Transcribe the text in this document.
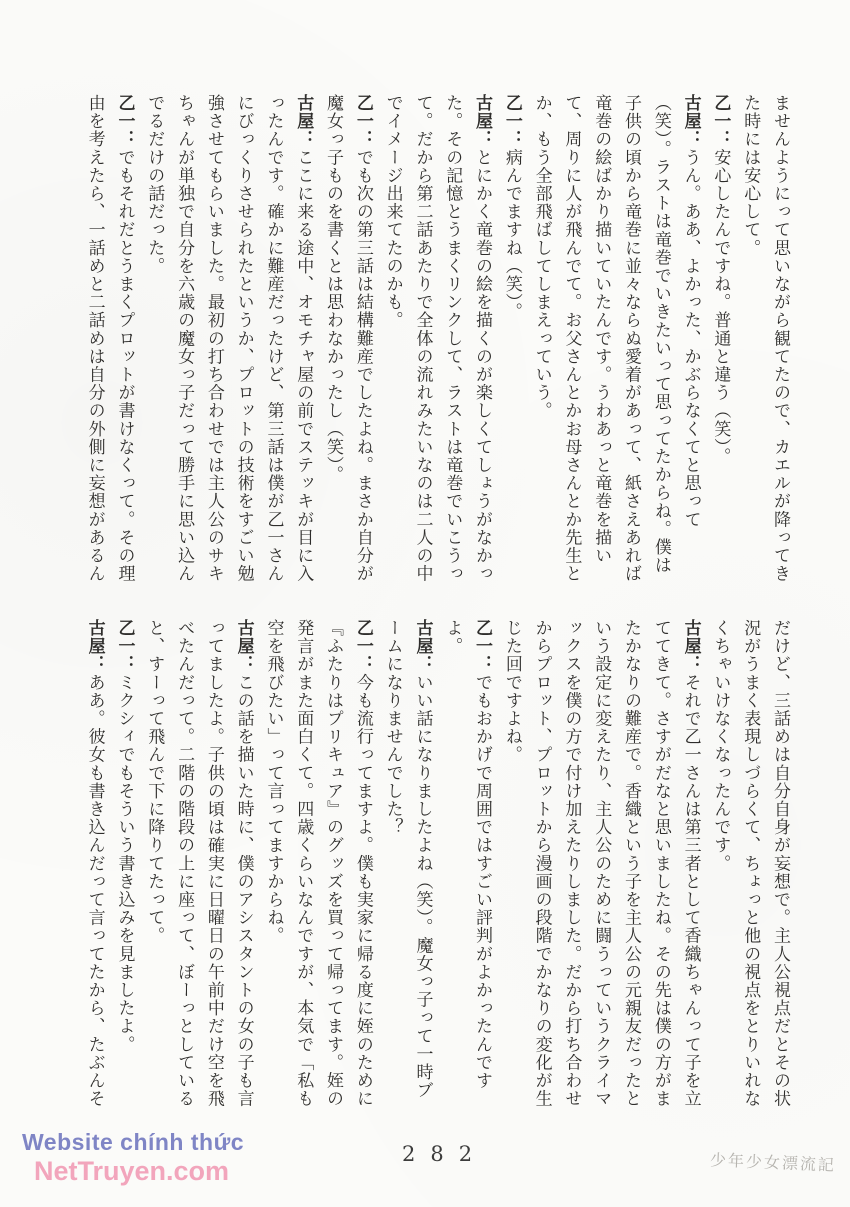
ませんようにって思いながら観てたので、カエルが降ってきた時には安心して。

乙一：安心したんですね。普通と違う（笑）。

古屋：うん。ああ、よかった、かぶらなくてと思って（笑）。ラストは竜巻でいきたいって思ってたからね。僕は子供の頃から竜巻に並々ならぬ愛着があって、紙さえあれば竜巻の絵ばかり描いていたんです。うわあっと竜巻を描いて、周りに人が飛んでて。お父さんとかお母さんとか先生とか、もう全部飛ばしてしまえっていう。

乙一：病んでますね（笑）。

古屋：とにかく竜巻の絵を描くのが楽しくてしょうがなかった。その記憶とうまくリンクして、ラストは竜巻でいこうって。だから第二話あたりで全体の流れみたいなのは二人の中でイメージ出来てたのかも。

乙一：でも次の第三話は結構難産でしたよね。まさか自分が魔女っ子ものを書くとは思わなかったし（笑）。

古屋：ここに来る途中、オモチャ屋の前でステッキが目に入ったんです。確かに難産だったけど、第三話は僕が乙一さんにびっくりさせられたというか、プロットの技術をすごい勉強させてもらいました。最初の打ち合わせでは主人公のサキちゃんが単独で自分を六歳の魔女っ子だって勝手に思い込んでるだけの話だった。

乙一：でもそれだとうまくプロットが書けなくって。その理由を考えたら、一話めと二話めは自分の外側に妄想があるん

だけど、三話めは自分自身が妄想で。主人公視点だとその状況がうまく表現しづらくて、ちょっと他の視点をとりいれなくちゃいけなくなったんです。

古屋：それで乙一さんは第三者として香織ちゃんって子を立ててきて。さすがだなと思いましたね。その先は僕の方がまたかなりの難産で。香織という子を主人公の元親友だったという設定に変えたり、主人公のために闘うっていうクライマックスを僕の方で付け加えたりしました。だから打ち合わせからプロット、プロットから漫画の段階でかなりの変化が生じた回ですよね。

乙一：でもおかげで周囲ではすごい評判がよかったんですよ。

古屋：いい話になりましたよね（笑）。魔女っ子って一時ブームになりませんでした？

乙一：今も流行ってますよ。僕も実家に帰る度に姪のために『ふたりはプリキュア』のグッズを買って帰ってます。姪の発言がまた面白くて。四歳くらいなんですが、本気で「私も空を飛びたい」って言ってますからね。

古屋：この話を描いた時に、僕のアシスタントの女の子も言ってましたよ。子供の頃は確実に日曜日の午前中だけ空を飛べたんだって。二階の階段の上に座って、ぼーっとしていると、すーって飛んで下に降りてたって。

乙一：ミクシィでもそういう書き込みを見ましたよ。

古屋：ああ。彼女も書き込んだって言ってたから、たぶんそ

Website chính thức
NetTruyen.com
282	少年少女漂流記
